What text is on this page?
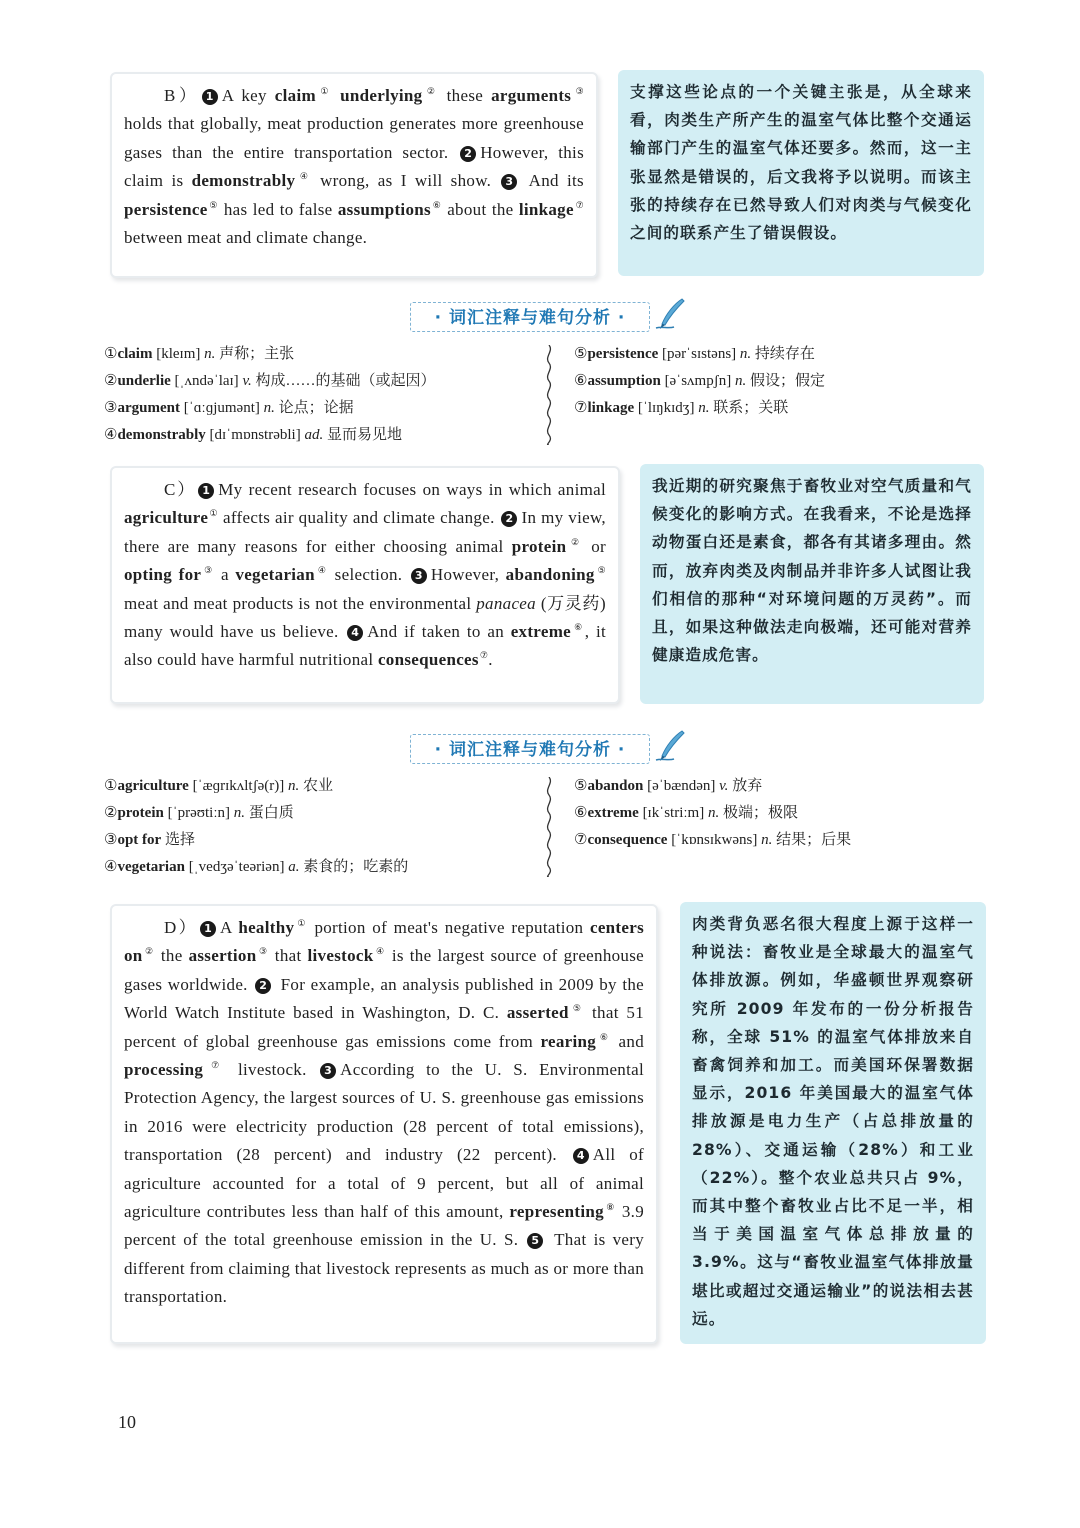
B） 1 A key claim① underlying② these arguments③ holds that globally, meat production generates more greenhouse gases than the entire transportation sector. 2 However, this claim is demonstrably④ wrong, as I will show. 3 And its persistence⑤ has led to false assumptions⑥ about the linkage⑦ between meat and climate change.
支撑这些论点的一个关键主张是，从全球来看，肉类生产所产生的温室气体比整个交通运输部门产生的温室气体还要多。然而，这一主张显然是错误的，后文我将予以说明。而该主张的持续存在已然导致人们对肉类与气候变化之间的联系产生了错误假设。
· 词汇注释与难句分析 ·
①claim [kleɪm] n. 声称；主张
②underlie [ˌʌndəˈlaɪ] v. 构成……的基础（或起因）
③argument [ˈɑːɡjumənt] n. 论点；论据
④demonstrably [dɪˈmɒnstrəbli] ad. 显而易见地
⑤persistence [pərˈsɪstəns] n. 持续存在
⑥assumption [əˈsʌmpʃn] n. 假设；假定
⑦linkage [ˈlɪŋkɪdʒ] n. 联系；关联
C） 1 My recent research focuses on ways in which animal agriculture① affects air quality and climate change. 2 In my view, there are many reasons for either choosing animal protein② or opting for③ a vegetarian④ selection. 3 However, abandoning⑤ meat and meat products is not the environmental panacea (万灵药) many would have us believe. 4 And if taken to an extreme⑥, it also could have harmful nutritional consequences⑦.
我近期的研究聚焦于畜牧业对空气质量和气候变化的影响方式。在我看来，不论是选择动物蛋白还是素食，都各有其诸多理由。然而，放弃肉类及肉制品并非许多人试图让我们相信的那种“对环境问题的万灵药”。而且，如果这种做法走向极端，还可能对营养健康造成危害。
· 词汇注释与难句分析 ·
①agriculture [ˈæɡrɪkʌltʃə(r)] n. 农业
②protein [ˈprəʊtiːn] n. 蛋白质
③opt for 选择
④vegetarian [ˌvedʒəˈteəriən] a. 素食的；吃素的
⑤abandon [əˈbændən] v. 放弃
⑥extreme [ɪkˈstriːm] n. 极端；极限
⑦consequence [ˈkɒnsɪkwəns] n. 结果；后果
D） 1 A healthy① portion of meat's negative reputation centers on② the assertion③ that livestock④ is the largest source of greenhouse gases worldwide. 2 For example, an analysis published in 2009 by the World Watch Institute based in Washington, D. C. asserted⑤ that 51 percent of global greenhouse gas emissions come from rearing⑥ and processing⑦ livestock. 3 According to the U. S. Environmental Protection Agency, the largest sources of U. S. greenhouse gas emissions in 2016 were electricity production (28 percent of total emissions), transportation (28 percent) and industry (22 percent). 4 All of agriculture accounted for a total of 9 percent, but all of animal agriculture contributes less than half of this amount, representing⑧ 3.9 percent of the total greenhouse emission in the U. S. 5 That is very different from claiming that livestock represents as much as or more than transportation.
肉类背负恶名很大程度上源于这样一种说法：畜牧业是全球最大的温室气体排放源。例如，华盛顿世界观察研究所 2009 年发布的一份分析报告称，全球 51% 的温室气体排放来自畜禽饲养和加工。而美国环保署数据显示，2016 年美国最大的温室气体排放源是电力生产（占总排放量的 28%）、交通运输（28%）和工业（22%）。整个农业总共只占 9%，而其中整个畜牧业占比不足一半，相当于美国温室气体总排放量的 3.9%。这与“畜牧业温室气体排放量堪比或超过交通运输业”的说法相去甚远。
10
